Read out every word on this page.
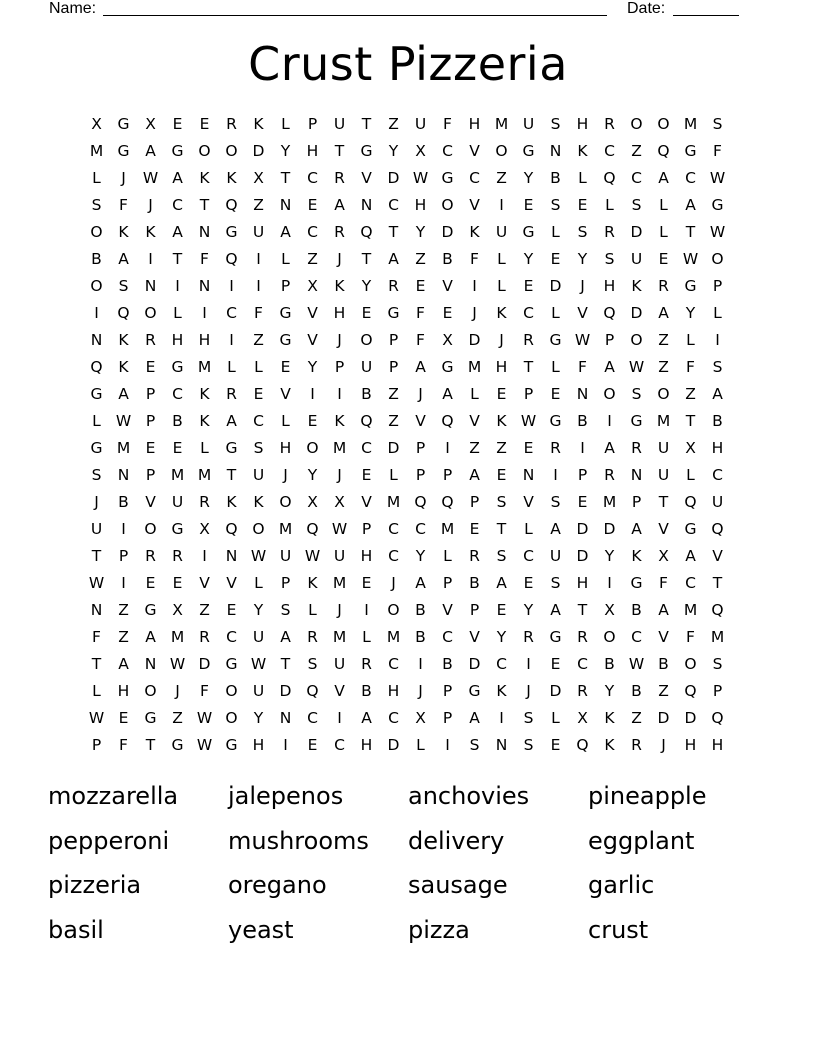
Name:	Date:
Crust Pizzeria
X	G	X	E	E	R	K	L	P	U	T	Z	U	F	H M U	S	H	R	O O M S
M G	A	G O O D	Y	H	T	G	Y	X	C	V	O G N	K	C	Z	Q G	F
L	J	W A	K	K	X	T	C	R	V	D W G	C	Z	Y	B	L	Q C	A	C W
S	F	J	C	T	Q	Z	N	E	A	N	C	H O	V	I	E	S	E	L	S	L	A	G
O	K	K	A	N G U	A	C	R	Q	T	Y	D	K	U G	L	S	R	D	L	T W
B	A	I	T	F	Q	I	L	Z	J	T	A	Z	B	F	L	Y	E	Y	S	U	E W O
O	S	N	I	N	I	I	P	X	K	Y	R	E	V	I	L	E	D	J	H	K	R	G	P
I	Q O	L	I	C	F	G	V	H	E	G	F	E	J	K	C	L	V	Q D	A	Y	L
N	K	R	H H	I	Z	G	V	J	O	P	F	X	D	J	R	G W P	O	Z	L	I
Q	K	E	G M	L	L	E	Y	P	U	P	A	G M H	T	L	F	A W Z	F	S
G	A	P	C	K	R	E	V	I	I	B	Z	J	A	L	E	P	E	N O	S	O	Z	A
L W P	B	K	A	C	L	E	K	Q	Z	V	Q	V	K W G	B	I	G M	T	B
G M E	E	L	G	S	H O M C	D	P	I	Z	Z	E	R	I	A	R	U	X	H
S	N	P	M M	T	U	J	Y	J	E	L	P	P	A	E	N	I	P	R	N	U	L	C
J	B	V	U	R	K	K	O	X	X	V M Q Q	P	S	V	S	E M	P	T	Q U
U	I	O G	X	Q O M Q W P	C	C M E	T	L	A	D D	A	V	G Q
T	P	R	R	I	N W U W U	H	C	Y	L	R	S	C	U D	Y	K	X	A	V
W	I	E	E	V	V	L	P	K M E	J	A	P	B	A	E	S	H	I	G	F	C	T
N	Z	G	X	Z	E	Y	S	L	J	I	O	B	V	P	E	Y	A	T	X	B	A M Q
F	Z	A M R	C	U	A	R M	L	M B	C	V	Y	R	G	R	O C	V	F	M
T	A	N W D G W T	S	U	R	C	I	B	D	C	I	E	C	B W B	O	S
L	H O	J	F	O U D Q	V	B	H	J	P	G	K	J	D	R	Y	B	Z	Q	P
W E	G	Z W O	Y	N	C	I	A	C	X	P	A	I	S	L	X	K	Z	D D Q
P	F	T	G W G H	I	E	C	H D	L	I	S	N	S	E	Q	K	R	J	H H
mozzarella	jalepenos	anchovies	pineapple
pepperoni	mushrooms	delivery	eggplant
pizzeria	oregano	sausage	garlic
basil	yeast	pizza	crust
